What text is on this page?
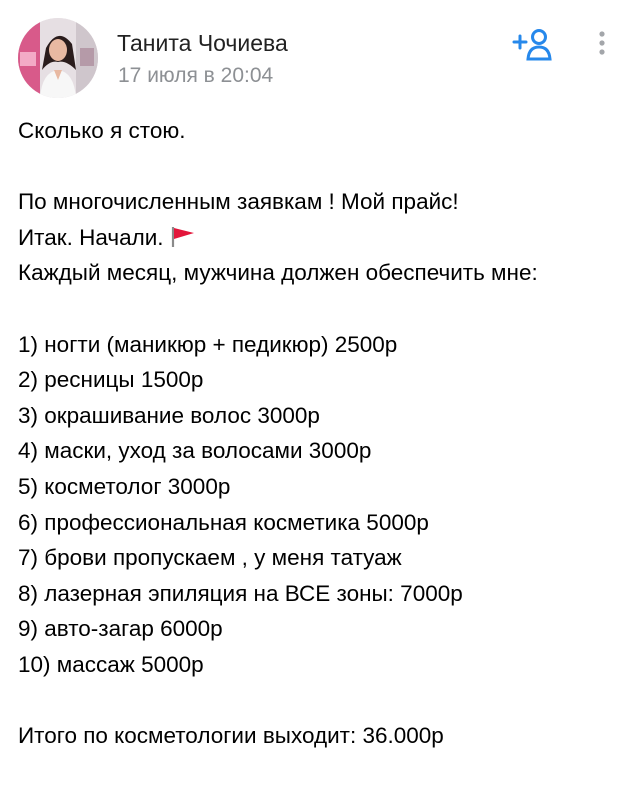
Танита Чочиева
17 июля в 20:04
Сколько я стою.
По многочисленным заявкам ! Мой прайс!
Итак. Начали.
Каждый месяц, мужчина должен обеспечить мне:
1) ногти (маникюр + педикюр) 2500р
2) ресницы 1500р
3) окрашивание волос 3000р
4) маски, уход за волосами 3000р
5) косметолог 3000р
6) профессиональная косметика 5000р
7) брови пропускаем , у меня татуаж
8) лазерная эпиляция на ВСЕ зоны: 7000р
9) авто-загар 6000р
10) массаж 5000р
Итого по косметологии выходит: 36.000р
